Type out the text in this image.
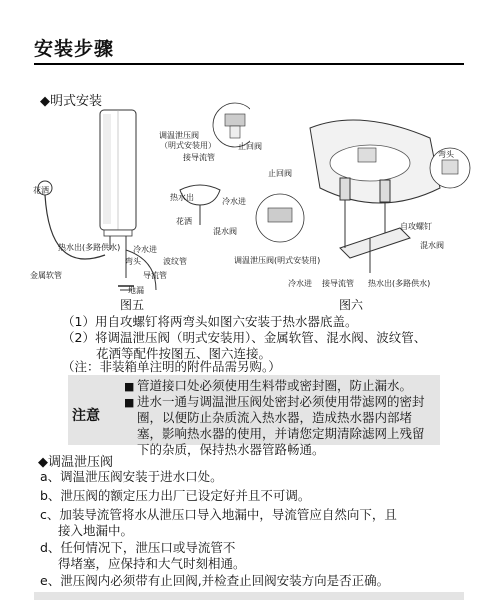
安装步骤
◆明式安装
调温泄压阀
（明式安装用）
接导流管
止回阀
热水出	冷水进
花洒
混水阀
花洒
热水出(多路供水) 冷水进
波纹管
弯头
导流管
金属软管
地漏
止回阀
弯头
自攻螺钉
混水阀
调温泄压阀(明式安装用)
冷水进 接导流管 热水出(多路供水)
图五	图六
（1）用自攻螺钉将两弯头如图六安装于热水器底盖。
（2）将调温泄压阀（明式安装用）、金属软管、混水阀、波纹管、
花洒等配件按图五、图六连接。
（注：非装箱单注明的附件品需另购。）
注意
■ 管道接口处必须使用生料带或密封圈，防止漏水。
■ 进水一通与调温泄压阀处密封必须使用带滤网的密封圈，以便防止杂质流入热水器，造成热水器内部堵塞，影响热水器的使用，并请您定期清除滤网上残留下的杂质，保持热水器管路畅通。
◆调温泄压阀
a、调温泄压阀安装于进水口处。
b、泄压阀的额定压力出厂已设定好并且不可调。
c、加装导流管将水从泄压口导入地漏中，导流管应自然向下，且
接入地漏中。
d、任何情况下，泄压口或导流管不
得堵塞，应保持和大气时刻相通。
e、泄压阀内必须带有止回阀,并检查止回阀安装方向是否正确。
